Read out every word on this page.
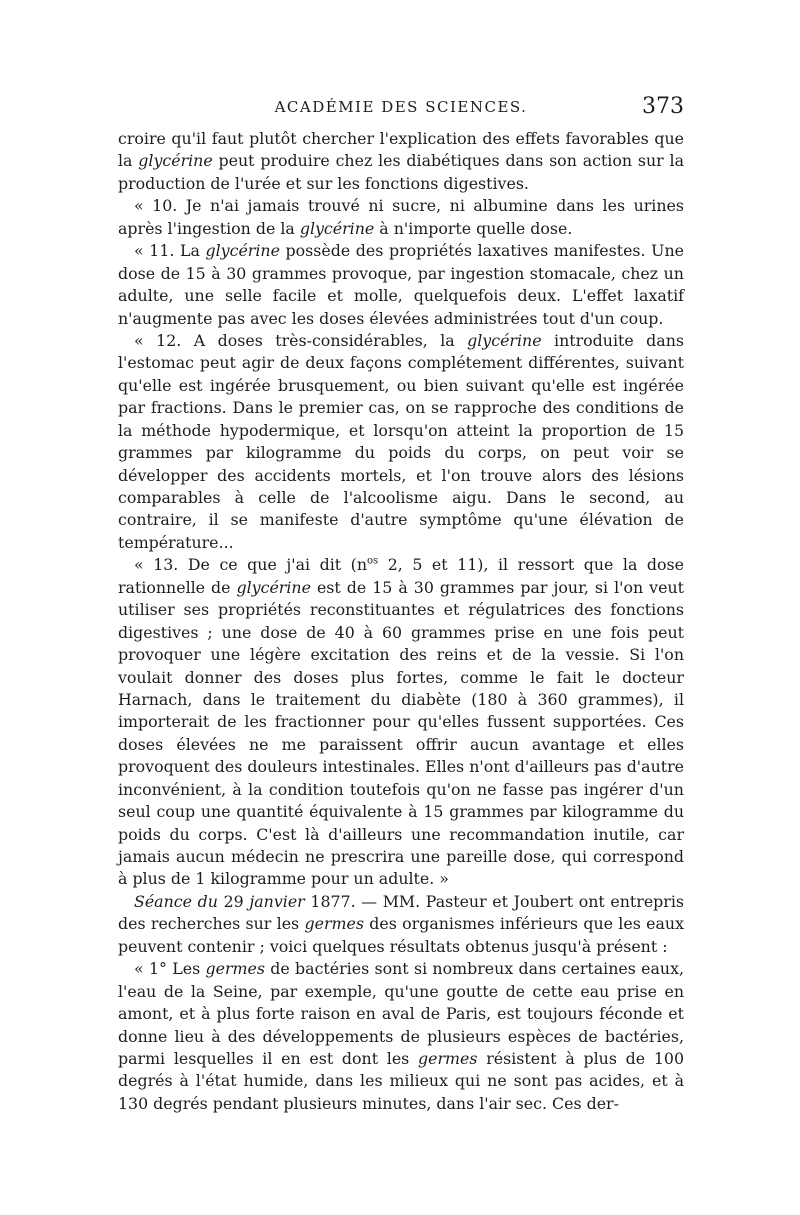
ACADÉMIE DES SCIENCES.	373

croire qu'il faut plutôt chercher l'explication des effets favorables que la glycérine peut produire chez les diabétiques dans son action sur la production de l'urée et sur les fonctions digestives.

« 10. Je n'ai jamais trouvé ni sucre, ni albumine dans les urines après l'ingestion de la glycérine à n'importe quelle dose.

« 11. La glycérine possède des propriétés laxatives manifestes. Une dose de 15 à 30 grammes provoque, par ingestion stomacale, chez un adulte, une selle facile et molle, quelquefois deux. L'effet laxatif n'augmente pas avec les doses élevées administrées tout d'un coup.

« 12. A doses très-considérables, la glycérine introduite dans l'estomac peut agir de deux façons complétement différentes, suivant qu'elle est ingérée brusquement, ou bien suivant qu'elle est ingérée par fractions. Dans le premier cas, on se rapproche des conditions de la méthode hypodermique, et lorsqu'on atteint la proportion de 15 grammes par kilogramme du poids du corps, on peut voir se développer des accidents mortels, et l'on trouve alors des lésions comparables à celle de l'alcoolisme aigu. Dans le second, au contraire, il se manifeste d'autre symptôme qu'une élévation de température...

« 13. De ce que j'ai dit ($n^{os}$ 2, 5 et 11), il ressort que la dose rationnelle de glycérine est de 15 à 30 grammes par jour, si l'on veut utiliser ses propriétés reconstituantes et régulatrices des fonctions digestives ; une dose de 40 à 60 grammes prise en une fois peut provoquer une légère excitation des reins et de la vessie. Si l'on voulait donner des doses plus fortes, comme le fait le docteur Harnach, dans le traitement du diabète (180 à 360 grammes), il importerait de les fractionner pour qu'elles fussent supportées. Ces doses élevées ne me paraissent offrir aucun avantage et elles provoquent des douleurs intestinales. Elles n'ont d'ailleurs pas d'autre inconvénient, à la condition toutefois qu'on ne fasse pas ingérer d'un seul coup une quantité équivalente à 15 grammes par kilogramme du poids du corps. C'est là d'ailleurs une recommandation inutile, car jamais aucun médecin ne prescrira une pareille dose, qui correspond à plus de 1 kilogramme pour un adulte. »

Séance du 29 janvier 1877. — MM. Pasteur et Joubert ont entrepris des recherches sur les germes des organismes inférieurs que les eaux peuvent contenir ; voici quelques résultats obtenus jusqu'à présent :

« 1° Les germes de bactéries sont si nombreux dans certaines eaux, l'eau de la Seine, par exemple, qu'une goutte de cette eau prise en amont, et à plus forte raison en aval de Paris, est toujours féconde et donne lieu à des développements de plusieurs espèces de bactéries, parmi lesquelles il en est dont les germes résistent à plus de 100 degrés à l'état humide, dans les milieux qui ne sont pas acides, et à 130 degrés pendant plusieurs minutes, dans l'air sec. Ces der-
